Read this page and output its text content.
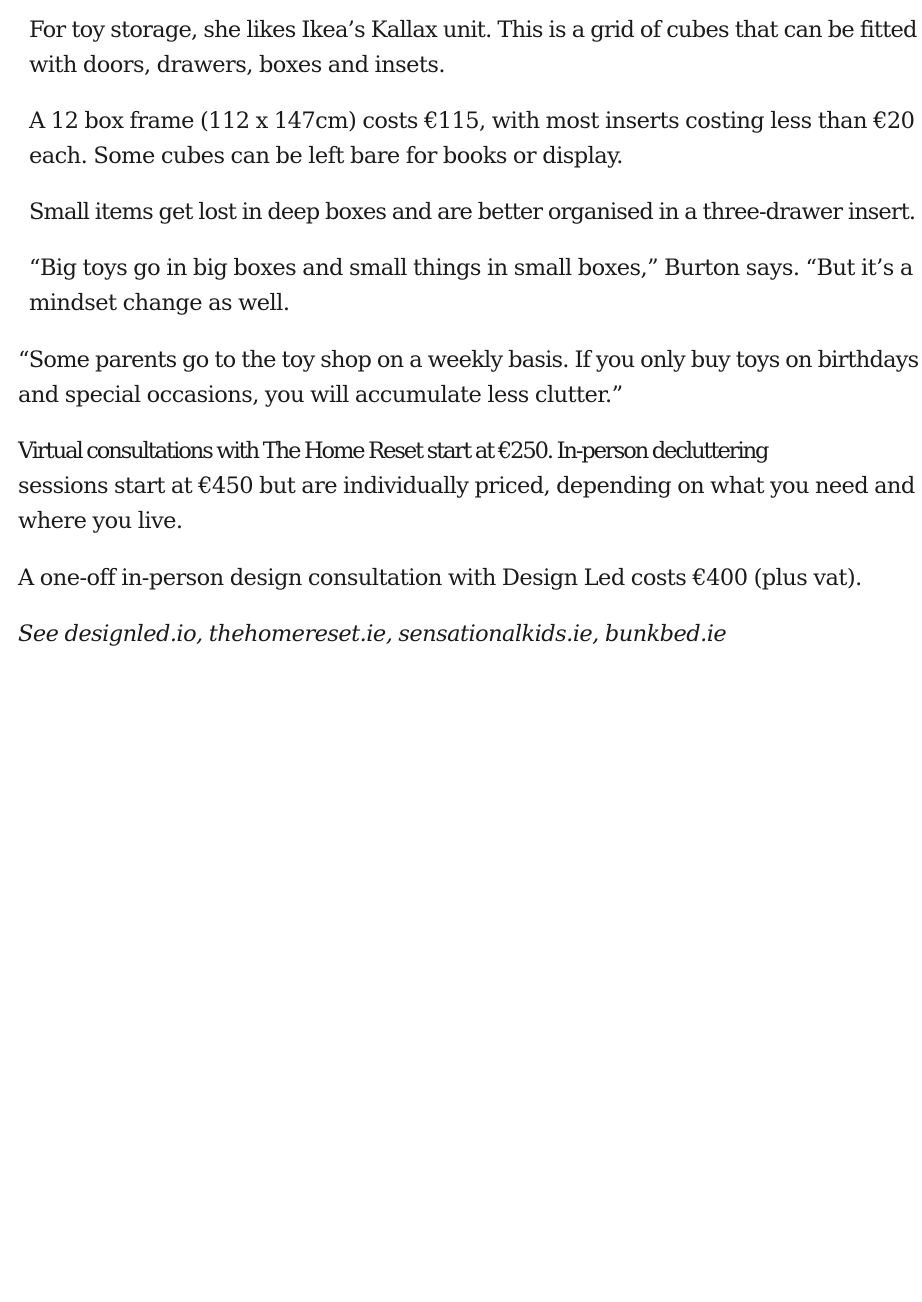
For toy storage, she likes Ikea’s Kallax unit. This is a grid of cubes that can be fitted
with doors, drawers, boxes and insets.

A 12 box frame (112 x 147cm) costs €115, with most inserts costing less than €20
each. Some cubes can be left bare for books or display.

Small items get lost in deep boxes and are better organised in a three-drawer insert.

“Big toys go in big boxes and small things in small boxes,” Burton says. “But it’s a
mindset change as well.

“Some parents go to the toy shop on a weekly basis. If you only buy toys on birthdays
and special occasions, you will accumulate less clutter.”

Virtual consultations with The Home Reset start at €250. In-person decluttering
sessions start at €450 but are individually priced, depending on what you need and
where you live.

A one-off in-person design consultation with Design Led costs €400 (plus vat).

See designled.io, thehomereset.ie, sensationalkids.ie, bunkbed.ie
